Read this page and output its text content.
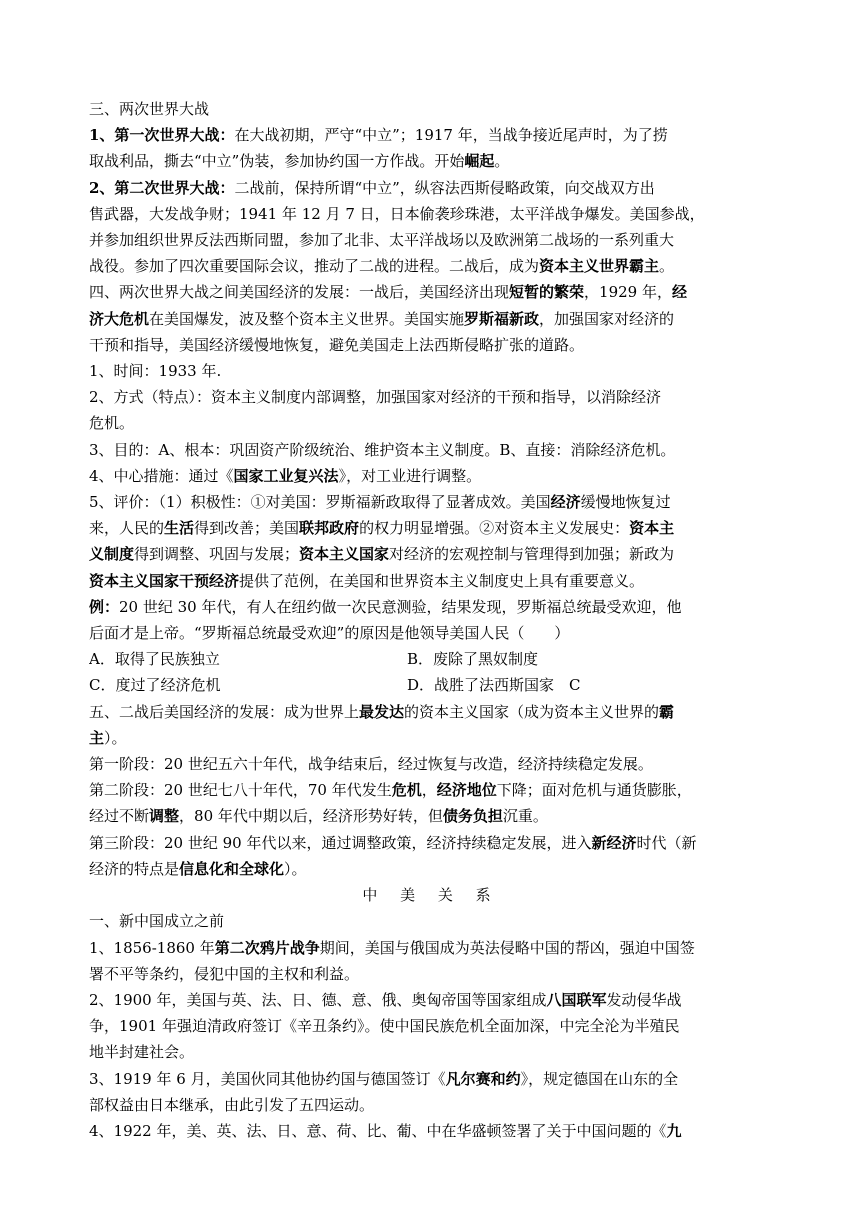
三、两次世界大战
1、第一次世界大战：在大战初期，严守“中立”；1917 年，当战争接近尾声时，为了捞
取战利品，撕去“中立”伪装，参加协约国一方作战。开始崛起。
2、第二次世界大战：二战前，保持所谓“中立”，纵容法西斯侵略政策，向交战双方出
售武器，大发战争财；1941 年 12 月 7 日，日本偷袭珍珠港，太平洋战争爆发。美国参战，
并参加组织世界反法西斯同盟，参加了北非、太平洋战场以及欧洲第二战场的一系列重大
战役。参加了四次重要国际会议，推动了二战的进程。二战后，成为资本主义世界霸主。
四、两次世界大战之间美国经济的发展：一战后，美国经济出现短暂的繁荣，1929 年，经
济大危机在美国爆发，波及整个资本主义世界。美国实施罗斯福新政，加强国家对经济的
干预和指导，美国经济缓慢地恢复，避免美国走上法西斯侵略扩张的道路。
1、时间：1933 年.
2、方式（特点）：资本主义制度内部调整，加强国家对经济的干预和指导，以消除经济
危机。
3、目的：A、根本：巩固资产阶级统治、维护资本主义制度。B、直接：消除经济危机。
4、中心措施：通过《国家工业复兴法》，对工业进行调整。
5、评价：（1）积极性：①对美国：罗斯福新政取得了显著成效。美国经济缓慢地恢复过
来，人民的生活得到改善；美国联邦政府的权力明显增强。②对资本主义发展史：资本主
义制度得到调整、巩固与发展；资本主义国家对经济的宏观控制与管理得到加强；新政为
资本主义国家干预经济提供了范例，在美国和世界资本主义制度史上具有重要意义。
例：20 世纪 30 年代，有人在纽约做一次民意测验，结果发现，罗斯福总统最受欢迎，他
后面才是上帝。“罗斯福总统最受欢迎”的原因是他领导美国人民（　　）
A．取得了民族独立	B．废除了黑奴制度
C．度过了经济危机	D．战胜了法西斯国家　C
五、二战后美国经济的发展：成为世界上最发达的资本主义国家（成为资本主义世界的霸
主）。
第一阶段：20 世纪五六十年代，战争结束后，经过恢复与改造，经济持续稳定发展。
第二阶段：20 世纪七八十年代，70 年代发生危机，经济地位下降；面对危机与通货膨胀，
经过不断调整，80 年代中期以后，经济形势好转，但债务负担沉重。
第三阶段：20 世纪 90 年代以来，通过调整政策，经济持续稳定发展，进入新经济时代（新
经济的特点是信息化和全球化）。
中 美 关 系
一、新中国成立之前
1、1856-1860 年第二次鸦片战争期间，美国与俄国成为英法侵略中国的帮凶，强迫中国签
署不平等条约，侵犯中国的主权和利益。
2、1900 年，美国与英、法、日、德、意、俄、奥匈帝国等国家组成八国联军发动侵华战
争，1901 年强迫清政府签订《辛丑条约》。使中国民族危机全面加深，中完全沦为半殖民
地半封建社会。
3、1919 年 6 月，美国伙同其他协约国与德国签订《凡尔赛和约》，规定德国在山东的全
部权益由日本继承，由此引发了五四运动。
4、1922 年，美、英、法、日、意、荷、比、葡、中在华盛顿签署了关于中国问题的《九
